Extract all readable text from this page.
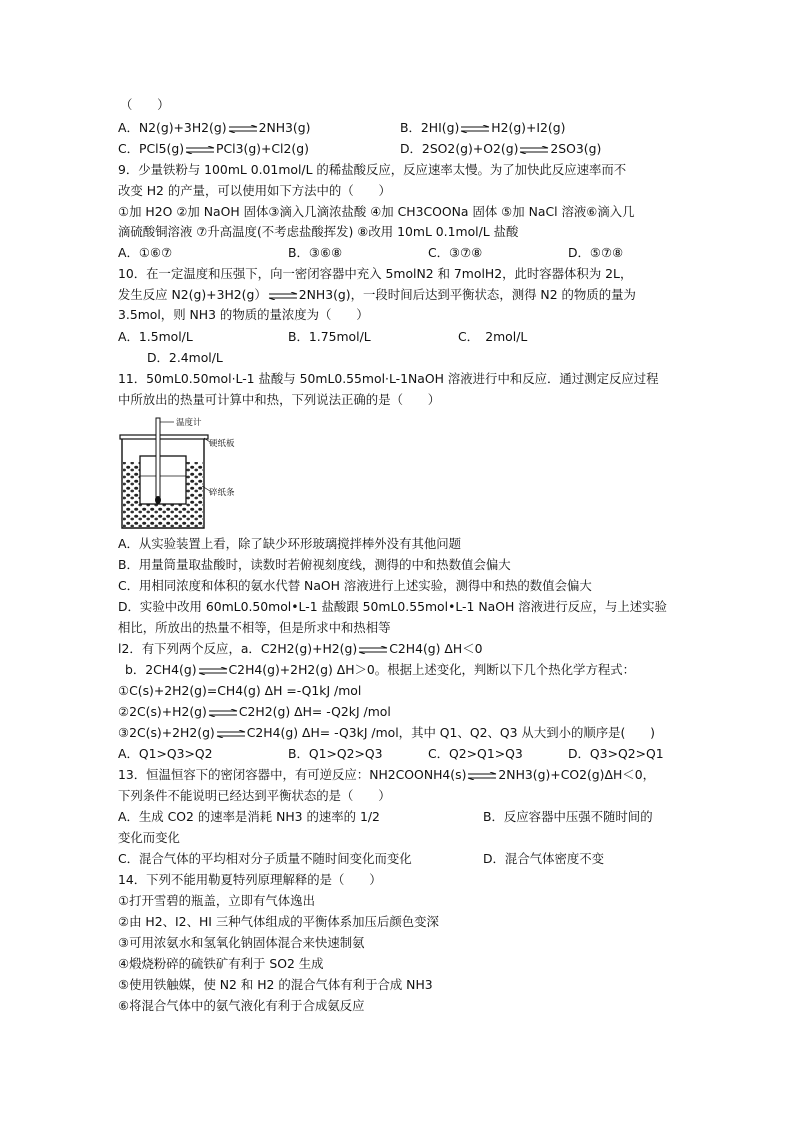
（　　）
A．N2(g)+3H2(g)⇌2NH3(g)	B．2HI(g)⇌H2(g)+I2(g)
C．PCl5(g)⇌PCl3(g)+Cl2(g)	D．2SO2(g)+O2(g)⇌2SO3(g)
9．少量铁粉与 100mL 0.01mol/L 的稀盐酸反应，反应速率太慢。为了加快此反应速率而不
改变 H2 的产量，可以使用如下方法中的（　　）
①加 H2O ②加 NaOH 固体③滴入几滴浓盐酸 ④加 CH3COONa 固体 ⑤加 NaCl 溶液⑥滴入几
滴硫酸铜溶液 ⑦升高温度(不考虑盐酸挥发) ⑧改用 10mL 0.1mol/L 盐酸
A．①⑥⑦	B．③⑥⑧	C．③⑦⑧	D．⑤⑦⑧
10．在一定温度和压强下，向一密闭容器中充入 5molN2 和 7molH2，此时容器体积为 2L，
发生反应 N2(g)+3H2(g）⇌2NH3(g)，一段时间后达到平衡状态，测得 N2 的物质的量为
3.5mol，则 NH3 的物质的量浓度为（　　）
A．1.5mol/L	B．1.75mol/L	C．　2mol/L
D．2.4mol/L
11．50mL0.50mol·L-1 盐酸与 50mL0.55mol·L-1NaOH 溶液进行中和反应．通过测定反应过程
中所放出的热量可计算中和热，下列说法正确的是（　　）
温度计
硬纸板
碎纸条
A．从实验装置上看，除了缺少环形玻璃搅拌棒外没有其他问题
B．用量筒量取盐酸时，读数时若俯视刻度线，测得的中和热数值会偏大
C．用相同浓度和体积的氨水代替 NaOH 溶液进行上述实验，测得中和热的数值会偏大
D．实验中改用 60mL0.50mol•L-1 盐酸跟 50mL0.55mol•L-1 NaOH 溶液进行反应，与上述实验
相比，所放出的热量不相等，但是所求中和热相等
l2．有下列两个反应，a．C2H2(g)+H2(g)⇌C2H4(g) ΔH＜0
b．2CH4(g)⇌C2H4(g)+2H2(g) ΔH＞0。根据上述变化，判断以下几个热化学方程式：
①C(s)+2H2(g)=CH4(g) ΔH =-Q1kJ /mol
②2C(s)+H2(g)⇌C2H2(g) ΔH= -Q2kJ /mol
③2C(s)+2H2(g)⇌C2H4(g) ΔH= -Q3kJ /mol，其中 Q1、Q2、Q3 从大到小的顺序是(　　)
A．Q1>Q3>Q2	B．Q1>Q2>Q3	C．Q2>Q1>Q3	D．Q3>Q2>Q1
13．恒温恒容下的密闭容器中，有可逆反应：NH2COONH4(s)⇌2NH3(g)+CO2(g)ΔH＜0，
下列条件不能说明已经达到平衡状态的是（　　）
A．生成 CO2 的速率是消耗 NH3 的速率的 1/2	B．反应容器中压强不随时间的
变化而变化
C．混合气体的平均相对分子质量不随时间变化而变化	D．混合气体密度不变
14．下列不能用勒夏特列原理解释的是（　　）
①打开雪碧的瓶盖，立即有气体逸出
②由 H2、I2、HI 三种气体组成的平衡体系加压后颜色变深
③可用浓氨水和氢氧化钠固体混合来快速制氨
④煅烧粉碎的硫铁矿有利于 SO2 生成
⑤使用铁触媒，使 N2 和 H2 的混合气体有利于合成 NH3
⑥将混合气体中的氨气液化有利于合成氨反应
